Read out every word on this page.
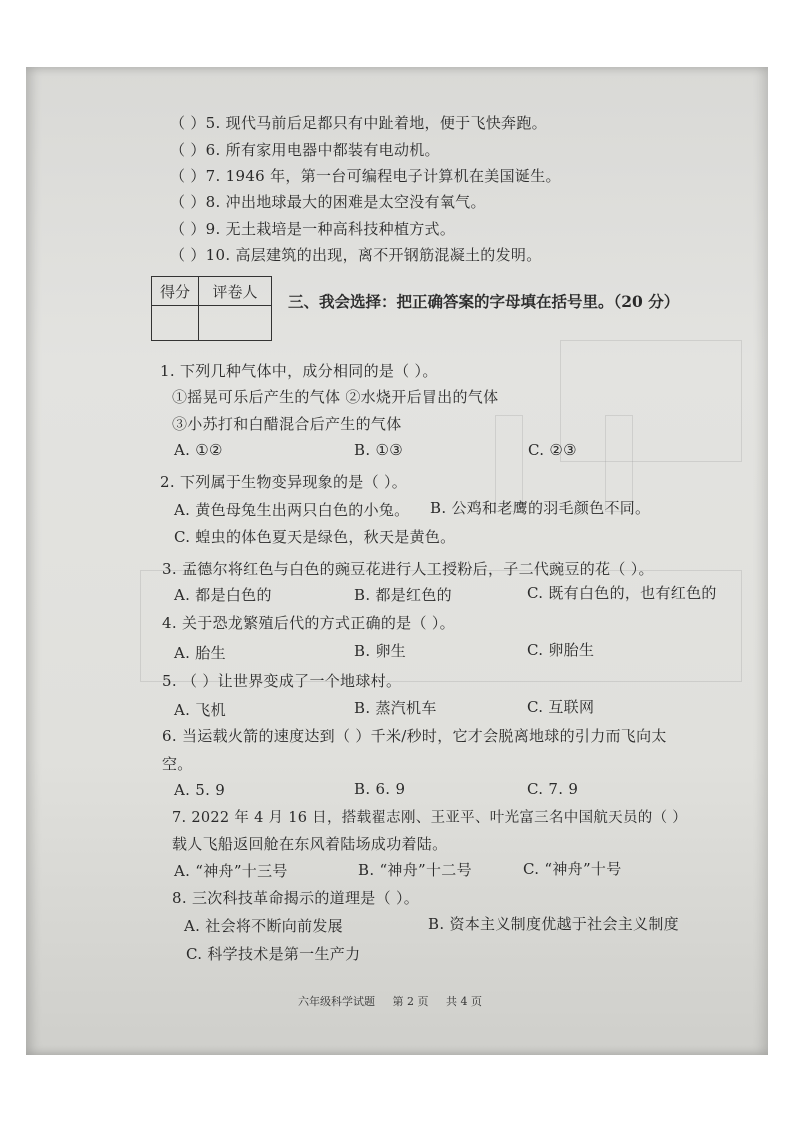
（ ）5. 现代马前后足都只有中趾着地，便于飞快奔跑。
（ ）6. 所有家用电器中都装有电动机。
（ ）7. 1946 年，第一台可编程电子计算机在美国诞生。
（ ）8. 冲出地球最大的困难是太空没有氧气。
（ ）9. 无土栽培是一种高科技种植方式。
（ ）10. 高层建筑的出现，离不开钢筋混凝土的发明。
得分	评卷人

三、我会选择：把正确答案的字母填在括号里。（20 分）
1. 下列几种气体中，成分相同的是（ ）。
①摇晃可乐后产生的气体 ②水烧开后冒出的气体
③小苏打和白醋混合后产生的气体
A. ①②	B. ①③	C. ②③
2. 下列属于生物变异现象的是（ ）。
A. 黄色母兔生出两只白色的小兔。 B. 公鸡和老鹰的羽毛颜色不同。
C. 蝗虫的体色夏天是绿色，秋天是黄色。
3. 孟德尔将红色与白色的豌豆花进行人工授粉后，子二代豌豆的花（ ）。
A. 都是白色的	B. 都是红色的	C. 既有白色的，也有红色的
4. 关于恐龙繁殖后代的方式正确的是（ ）。
A. 胎生	B. 卵生	C. 卵胎生
5. （ ）让世界变成了一个地球村。
A. 飞机	B. 蒸汽机车	C. 互联网
6. 当运载火箭的速度达到（ ）千米/秒时，它才会脱离地球的引力而飞向太
空。
A. 5. 9	B. 6. 9	C. 7. 9
7. 2022 年 4 月 16 日，搭载翟志刚、王亚平、叶光富三名中国航天员的（ ）
载人飞船返回舱在东风着陆场成功着陆。
A. “神舟”十三号	B. “神舟”十二号	C. “神舟”十号
8. 三次科技革命揭示的道理是（ ）。
A. 社会将不断向前发展	B. 资本主义制度优越于社会主义制度
C. 科学技术是第一生产力
六年级科学试题 第 2 页 共 4 页
